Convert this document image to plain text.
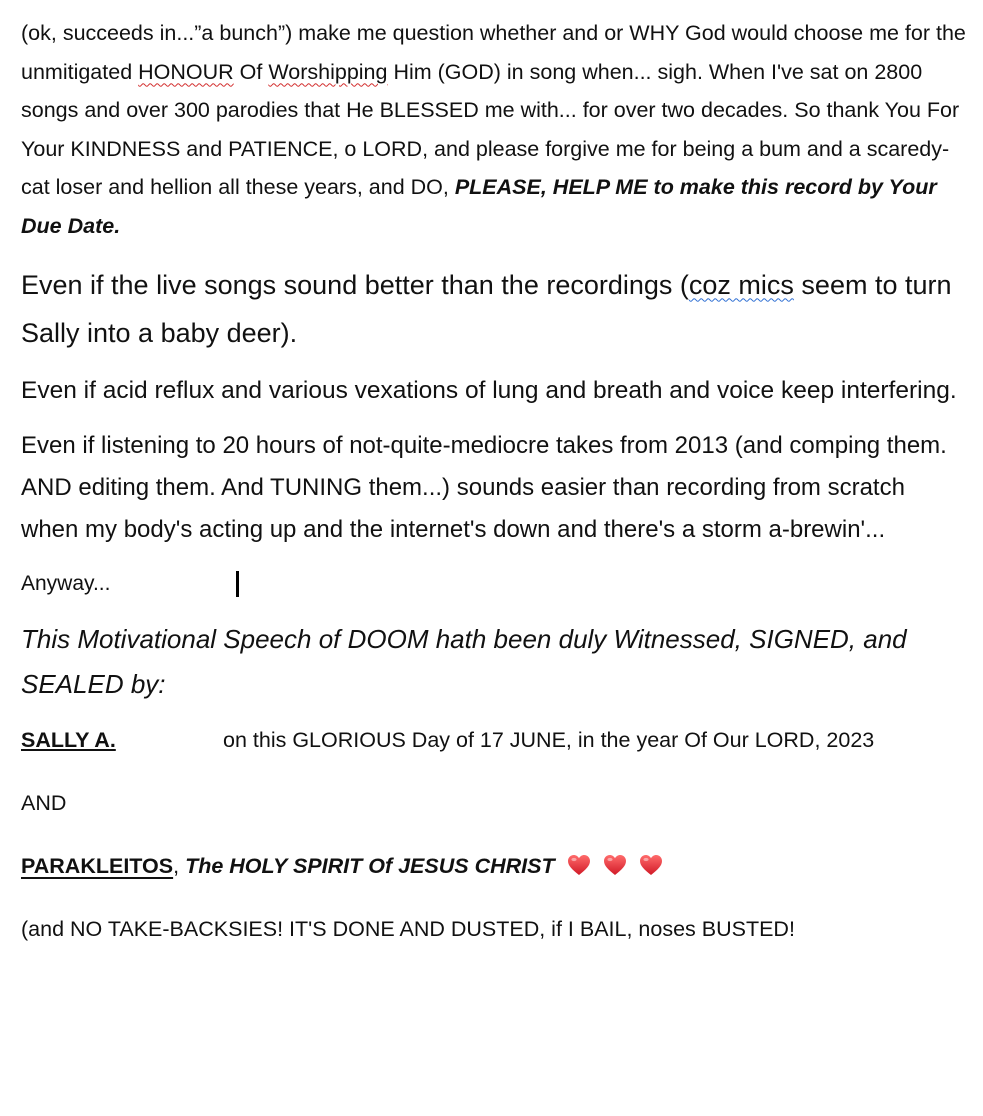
(ok, succeeds in...”a bunch”) make me question whether and or WHY God would choose me for the unmitigated HONOUR Of Worshipping Him (GOD) in song when... sigh. When I've sat on 2800 songs and over 300 parodies that He BLESSED me with... for over two decades. So thank You For Your KINDNESS and PATIENCE, o LORD, and please forgive me for being a bum and a scaredy-cat loser and hellion all these years, and DO, PLEASE, HELP ME to make this record by Your Due Date.

Even if the live songs sound better than the recordings (coz mics seem to turn Sally into a baby deer).

Even if acid reflux and various vexations of lung and breath and voice keep interfering.

Even if listening to 20 hours of not-quite-mediocre takes from 2013 (and comping them. AND editing them. And TUNING them...) sounds easier than recording from scratch when my body's acting up and the internet's down and there's a storm a-brewin'...

Anyway...

This Motivational Speech of DOOM hath been duly Witnessed, SIGNED, and SEALED by:

SALLY A.	on this GLORIOUS Day of 17 JUNE, in the year Of Our LORD, 2023

AND

PARAKLEITOS, The HOLY SPIRIT Of JESUS CHRIST

(and NO TAKE-BACKSIES! IT'S DONE AND DUSTED, if I BAIL, noses BUSTED!
